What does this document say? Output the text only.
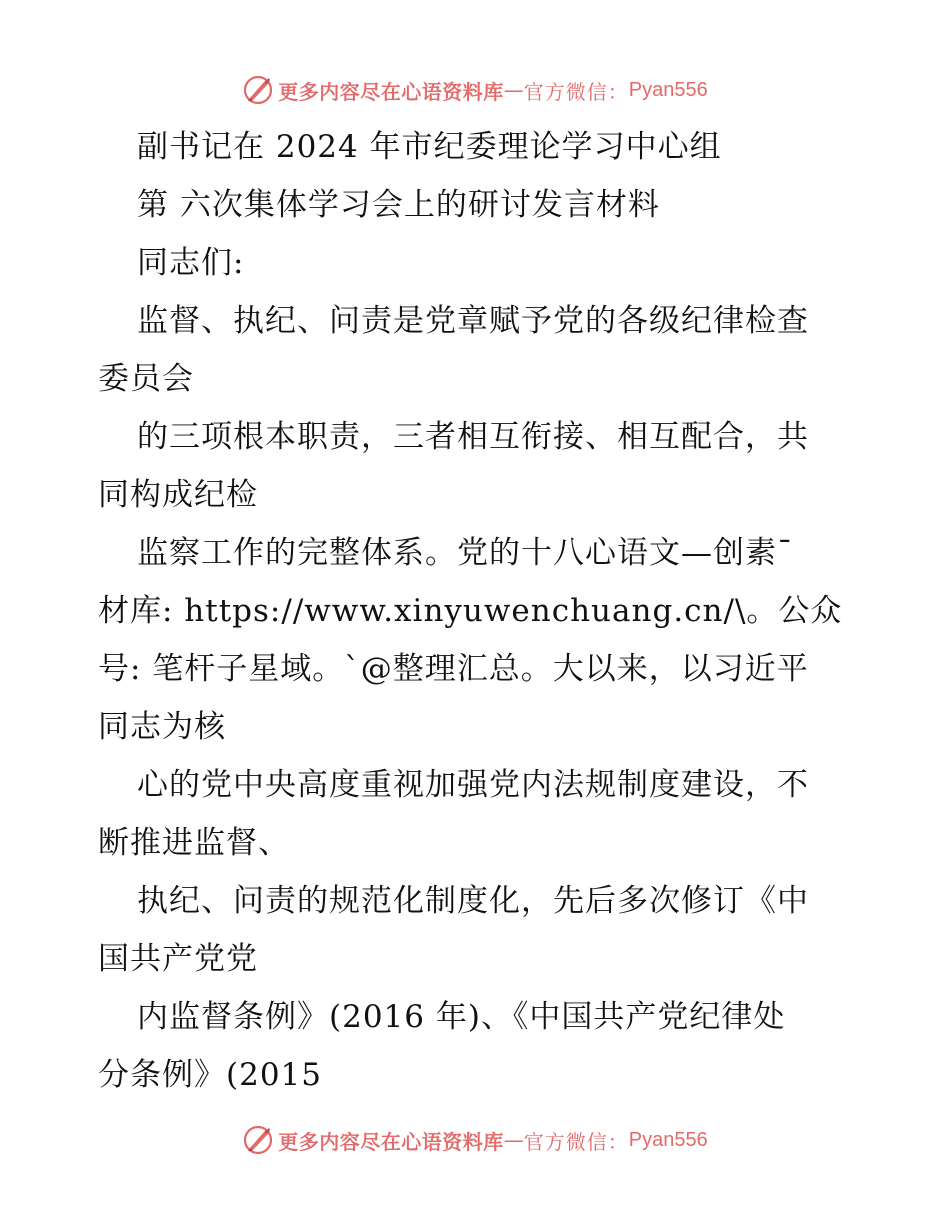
更多内容尽在心语资料库 — 官方微信： Pyan556
副书记在 2024 年市纪委理论学习中心组
第 六次集体学习会上的研讨发言材料
同志们:
监督、执纪、问责是党章赋予党的各级纪律检查
委员会
的三项根本职责，三者相互衔接、相互配合，共
同构成纪检
监察工作的完整体系。党的十八心语文—创素¯
材库: https://www.xinyuwenchuang.cn/\。公众
号: 笔杆子星域。`@整理汇总。大以来，以习近平
同志为核
心的党中央高度重视加强党内法规制度建设，不
断推进监督、
执纪、问责的规范化制度化，先后多次修订《中
国共产党党
内监督条例》(2016 年)、《中国共产党纪律处
分条例》(2015
更多内容尽在心语资料库 — 官方微信： Pyan556
